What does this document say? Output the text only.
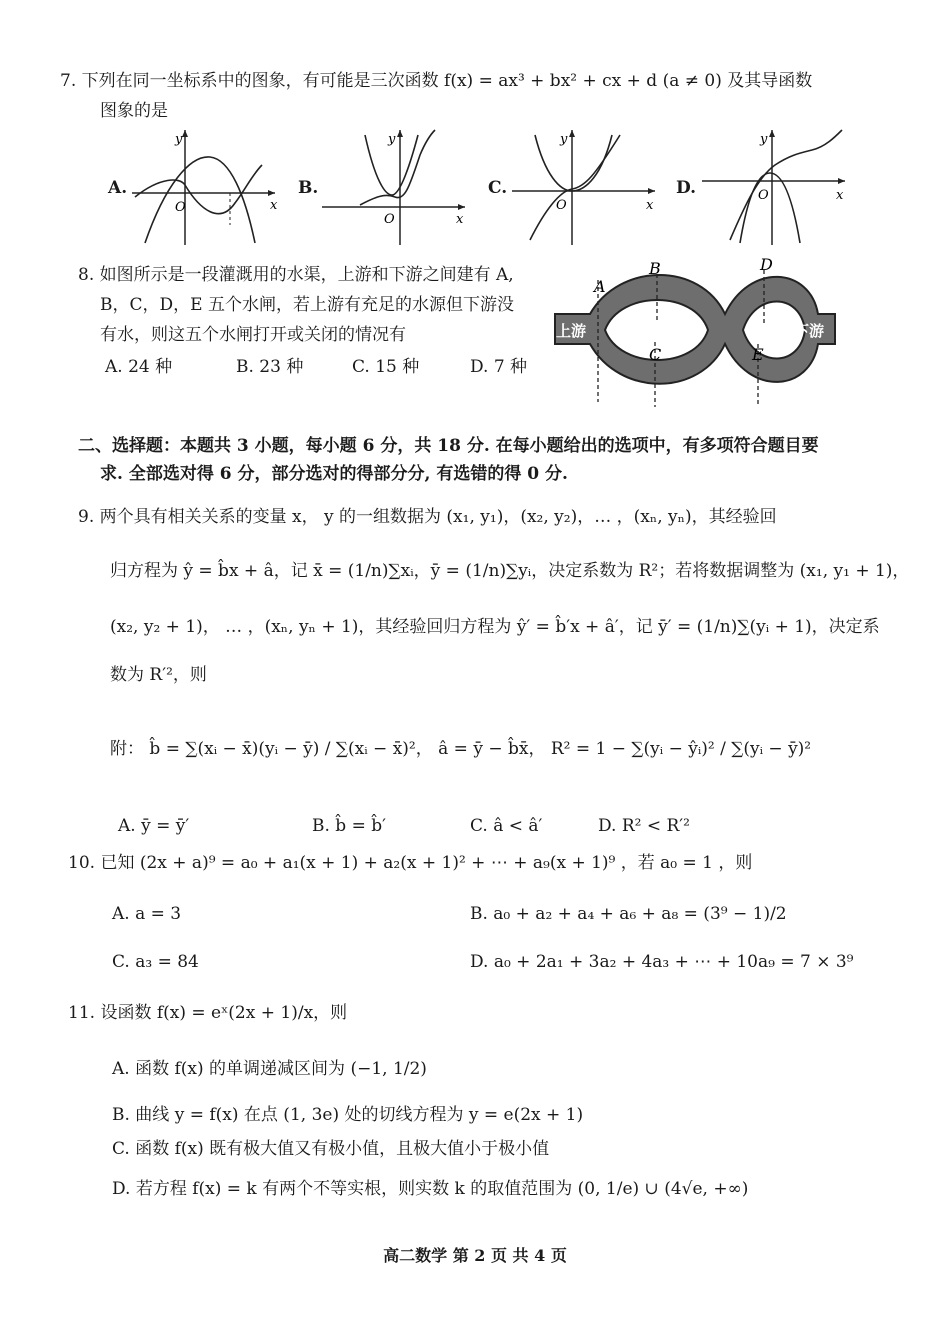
7. 下列在同一坐标系中的图象，有可能是三次函数 f(x) = ax³ + bx² + cx + d (a ≠ 0) 及其导函数
图象的是
A.
y
x
O
B.
y
x
O
C.
y
x
O
D.
y
x
O
8. 如图所示是一段灌溉用的水渠，上游和下游之间建有 A,
B，C，D，E 五个水闸，若上游有充足的水源但下游没
有水，则这五个水闸打开或关闭的情况有
A. 24 种	B. 23 种	C. 15 种	D. 7 种
A
B
C
D
E
上游	下游
二、选择题：本题共 3 小题，每小题 6 分，共 18 分. 在每小题给出的选项中，有多项符合题目要
求. 全部选对得 6 分，部分选对的得部分分, 有选错的得 0 分.
9. 两个具有相关关系的变量 x， y 的一组数据为 (x₁, y₁)，(x₂, y₂)，… ，(xₙ, yₙ)，其经验回
归方程为 ŷ = b̂x + â，记 x̄ = (1/n)∑xᵢ，ȳ = (1/n)∑yᵢ，决定系数为 R²；若将数据调整为 (x₁, y₁ + 1)，
(x₂, y₂ + 1)， … ，(xₙ, yₙ + 1)，其经验回归方程为 ŷ′ = b̂′x + â′，记 ȳ′ = (1/n)∑(yᵢ + 1)，决定系
数为 R′²，则
附： b̂ = ∑(xᵢ − x̄)(yᵢ − ȳ) / ∑(xᵢ − x̄)²， â = ȳ − b̂x̄， R² = 1 − ∑(yᵢ − ŷᵢ)² / ∑(yᵢ − ȳ)²
A. ȳ = ȳ′	B. b̂ = b̂′	C. â < â′	D. R² < R′²
10. 已知 (2x + a)⁹ = a₀ + a₁(x + 1) + a₂(x + 1)² + ⋯ + a₉(x + 1)⁹ ，若 a₀ = 1 ，则
A. a = 3	B. a₀ + a₂ + a₄ + a₆ + a₈ = (3⁹ − 1)/2
C. a₃ = 84	D. a₀ + 2a₁ + 3a₂ + 4a₃ + ⋯ + 10a₉ = 7 × 3⁹
11. 设函数 f(x) = eˣ(2x + 1)/x，则
A. 函数 f(x) 的单调递减区间为 (−1, 1/2)
B. 曲线 y = f(x) 在点 (1, 3e) 处的切线方程为 y = e(2x + 1)
C. 函数 f(x) 既有极大值又有极小值，且极大值小于极小值
D. 若方程 f(x) = k 有两个不等实根，则实数 k 的取值范围为 (0, 1/e) ∪ (4√e, +∞)
高二数学 第 2 页 共 4 页
